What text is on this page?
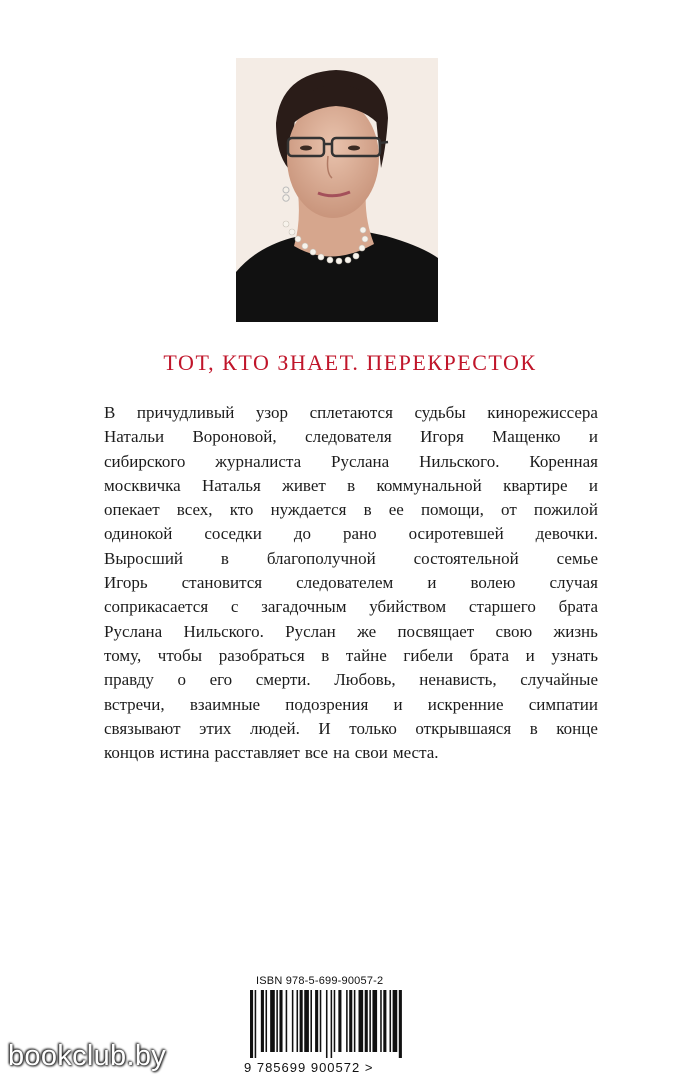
ТОТ, КТО ЗНАЕТ. ПЕРЕКРЕСТОК
В причудливый узор сплетаются судьбы кинорежиссера
Натальи Вороновой, следователя Игоря Мащенко и
сибирского журналиста Руслана Нильского. Коренная
москвичка Наталья живет в коммунальной квартире и
опекает всех, кто нуждается в ее помощи, от пожилой
одинокой соседки до рано осиротевшей девочки.
Выросший в благополучной состоятельной семье
Игорь становится следователем и волею случая
соприкасается с загадочным убийством старшего брата
Руслана Нильского. Руслан же посвящает свою жизнь
тому, чтобы разобраться в тайне гибели брата и узнать
правду о его смерти. Любовь, ненависть, случайные
встречи, взаимные подозрения и искренние симпатии
связывают этих людей. И только открывшаяся в конце
концов истина расставляет все на свои места.
ISBN 978-5-699-90057-2
9 785699 900572 >
bookclub.by
